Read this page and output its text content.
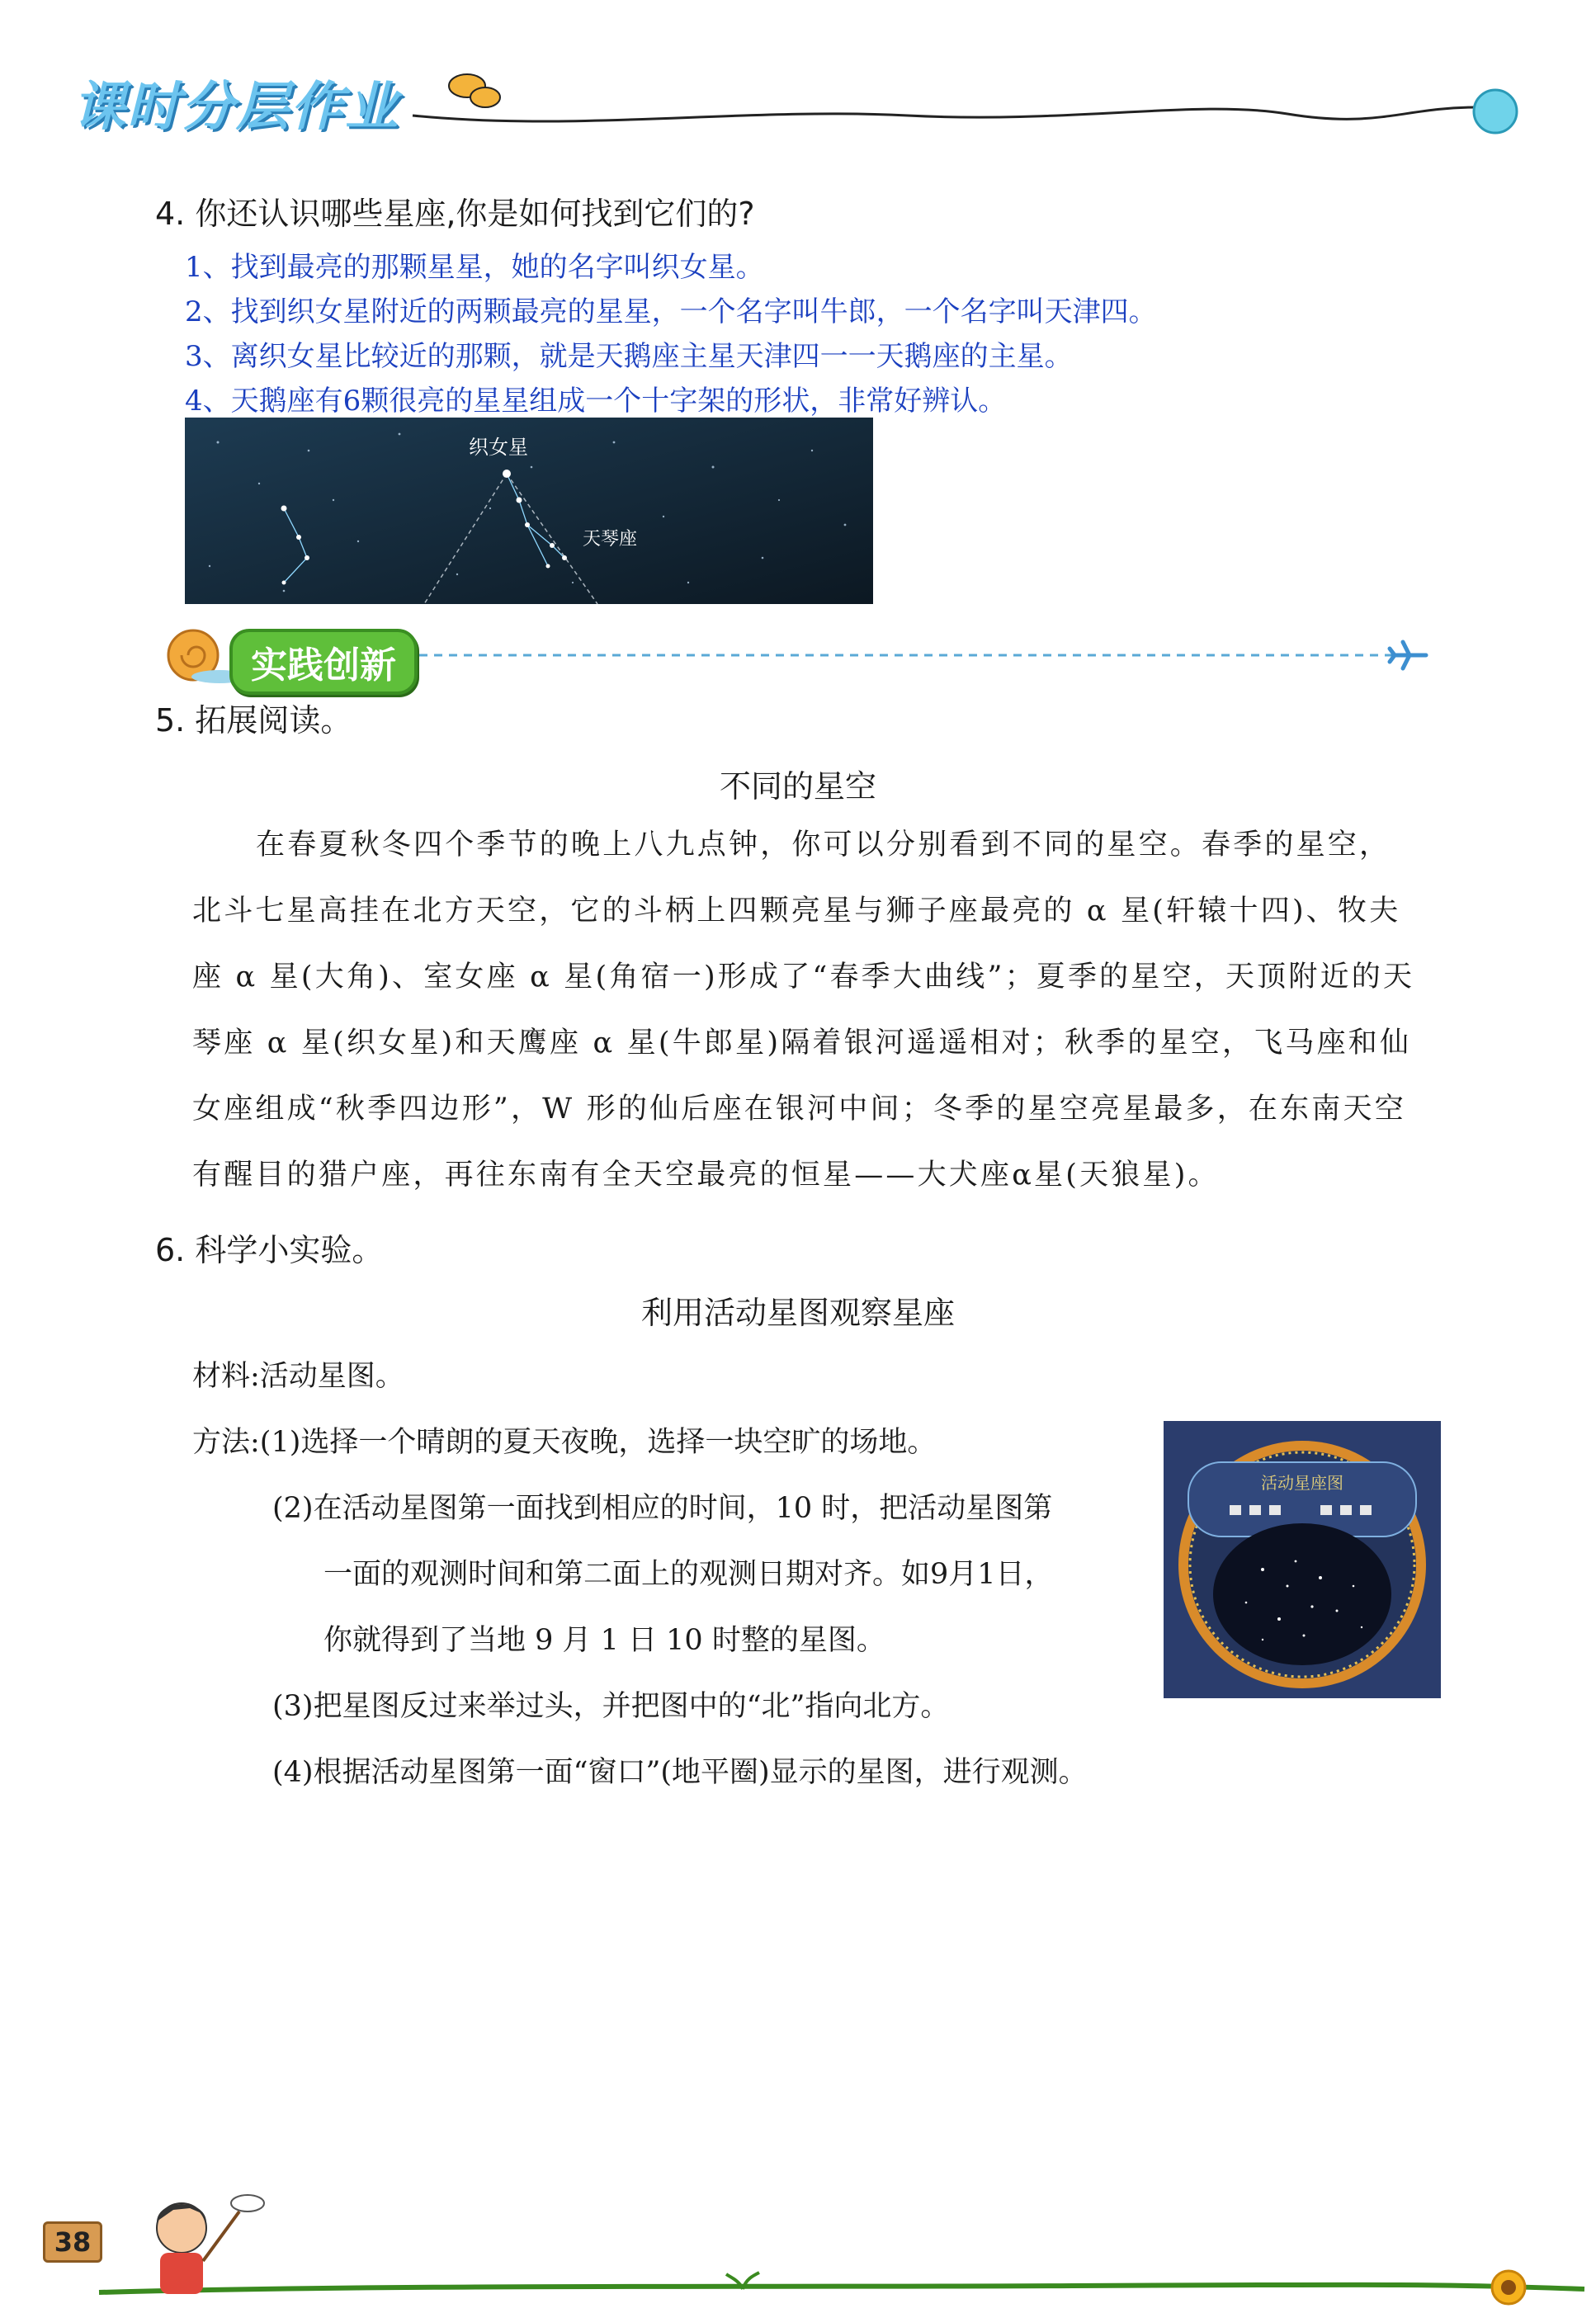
课时分层作业
4. 你还认识哪些星座,你是如何找到它们的?
1、找到最亮的那颗星星，她的名字叫织女星。
2、找到织女星附近的两颗最亮的星星，一个名字叫牛郎，一个名字叫天津四。
3、离织女星比较近的那颗，就是天鹅座主星天津四一一天鹅座的主星。
4、天鹅座有6颗很亮的星星组成一个十字架的形状，非常好辨认。
织女星
天琴座
实践创新
5. 拓展阅读。
不同的星空
在春夏秋冬四个季节的晚上八九点钟，你可以分别看到不同的星空。春季的星空，
北斗七星高挂在北方天空，它的斗柄上四颗亮星与狮子座最亮的 α 星(轩辕十四)、牧夫
座 α 星(大角)、室女座 α 星(角宿一)形成了“春季大曲线”；夏季的星空，天顶附近的天
琴座 α 星(织女星)和天鹰座 α 星(牛郎星)隔着银河遥遥相对；秋季的星空，飞马座和仙
女座组成“秋季四边形”，W 形的仙后座在银河中间；冬季的星空亮星最多，在东南天空
有醒目的猎户座，再往东南有全天空最亮的恒星——大犬座α星(天狼星)。
6. 科学小实验。
利用活动星图观察星座
材料:活动星图。
方法:(1)选择一个晴朗的夏天夜晚，选择一块空旷的场地。
(2)在活动星图第一面找到相应的时间，10 时，把活动星图第
一面的观测时间和第二面上的观测日期对齐。如9月1日，
你就得到了当地 9 月 1 日 10 时整的星图。
(3)把星图反过来举过头，并把图中的“北”指向北方。
(4)根据活动星图第一面“窗口”(地平圈)显示的星图，进行观测。
活动星座图
38
